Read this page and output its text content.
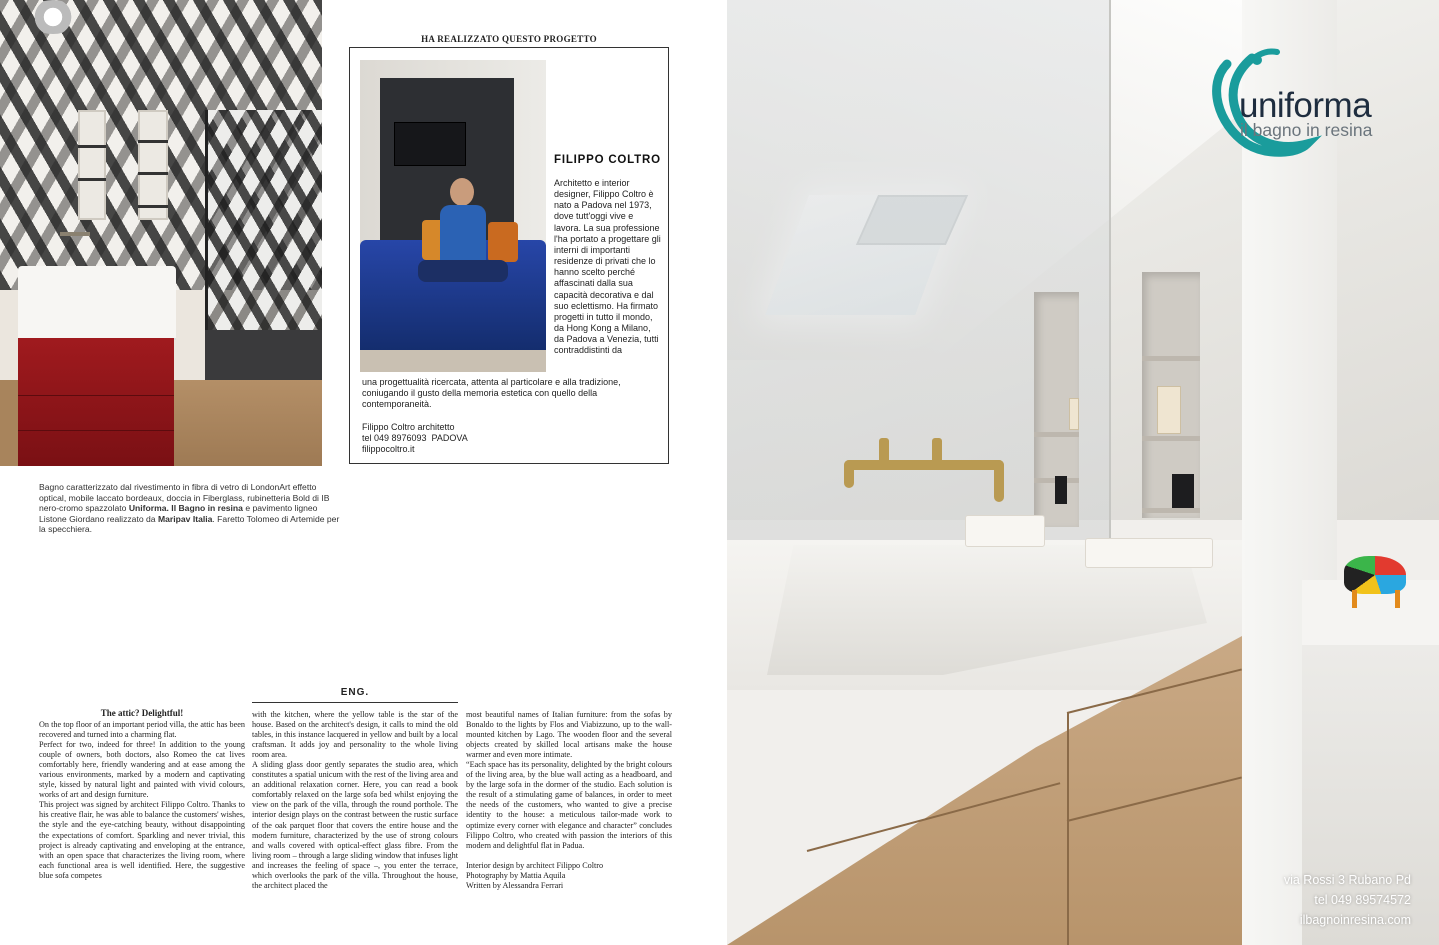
Bagno caratterizzato dal rivestimento in fibra di vetro di LondonArt effetto optical, mobile laccato bordeaux, doccia in Fiberglass, rubinetteria Bold di IB nero-cromo spazzolato Uniforma. Il Bagno in resina e pavimento ligneo Listone Giordano realizzato da Maripav Italia. Faretto Tolomeo di Artemide per la specchiera.
HA REALIZZATO QUESTO PROGETTO
FILIPPO COLTRO
Architetto e interior designer, Filippo Coltro è nato a Padova nel 1973, dove tutt'oggi vive e lavora. La sua professione l'ha portato a progettare gli interni di importanti residenze di privati che lo hanno scelto perché affascinati dalla sua capacità decorativa e dal suo eclettismo. Ha firmato progetti in tutto il mondo, da Hong Kong a Milano, da Padova a Venezia, tutti contraddistinti da
una progettualità ricercata, attenta al particolare e alla tradizione, coniugando il gusto della memoria estetica con quello della contemporaneità.
Filippo Coltro architetto
tel 049 8976093  PADOVA
filippocoltro.it
ENG.
The attic? Delightful!

On the top floor of an important period villa, the attic has been recovered and turned into a charming flat.

Perfect for two, indeed for three! In addition to the young couple of owners, both doctors, also Romeo the cat lives comfortably here, friendly wandering and at ease among the various environments, marked by a modern and captivating style, kissed by natural light and painted with vivid colours, works of art and design furniture.

This project was signed by architect Filippo Coltro. Thanks to his creative flair, he was able to balance the customers' wishes, the style and the eye-catching beauty, without disappointing the expectations of comfort. Sparkling and never trivial, this project is already captivating and enveloping at the entrance, with an open space that characterizes the living room, where each functional area is well identified. Here, the suggestive blue sofa competes

with the kitchen, where the yellow table is the star of the house. Based on the architect's design, it calls to mind the old tables, in this instance lacquered in yellow and built by a local craftsman. It adds joy and personality to the whole living room area.

A sliding glass door gently separates the studio area, which constitutes a spatial unicum with the rest of the living area and an additional relaxation corner. Here, you can read a book comfortably relaxed on the large sofa bed whilst enjoying the view on the park of the villa, through the round porthole. The interior design plays on the contrast between the rustic surface of the oak parquet floor that covers the entire house and the modern furniture, characterized by the use of strong colours and walls covered with optical-effect glass fibre. From the living room – through a large sliding window that infuses light and increases the feeling of space –, you enter the terrace, which overlooks the park of the villa. Throughout the house, the architect placed the

most beautiful names of Italian furniture: from the sofas by Bonaldo to the lights by Flos and Viabizzuno, up to the wall-mounted kitchen by Lago. The wooden floor and the several objects created by skilled local artisans make the house warmer and even more intimate.

“Each space has its personality, delighted by the bright colours of the living area, by the blue wall acting as a headboard, and by the large sofa in the dormer of the studio. Each solution is the result of a stimulating game of balances, in order to meet the needs of the customers, who wanted to give a precise identity to the house: a meticulous tailor-made work to optimize every corner with elegance and character” concludes Filippo Coltro, who created with passion the interiors of this modern and delightful flat in Padua.

Interior design by architect Filippo Coltro
Photography by Mattia Aquila
Written by Alessandra Ferrari
uniforma
il bagno in resina
via Rossi 3 Rubano Pd
tel 049 89574572
ilbagnoinresina.com
